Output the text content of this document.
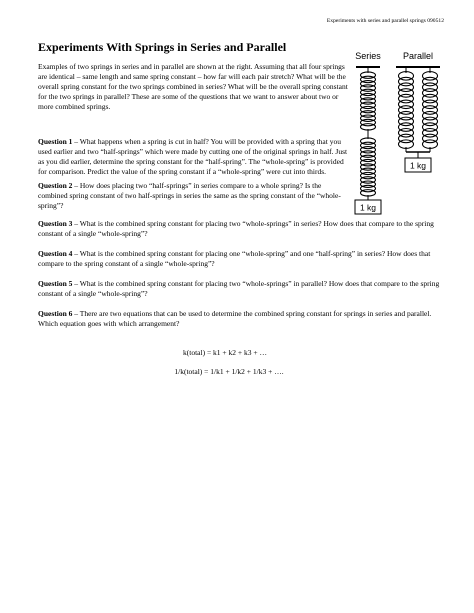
Experiments with series and parallel springs 090512
Experiments With Springs in Series and Parallel

Examples of two springs in series and in parallel are shown at the right. Assuming that all four springs are identical – same length and same spring constant – how far will each pair stretch? What will be the overall spring constant for the two springs combined in series? What will be the overall spring constant for the two springs in parallel? These are some of the questions that we want to answer about two or more combined springs.

Question 1 – What happens when a spring is cut in half? You will be provided with a spring that you used earlier and two “half-springs” which were made by cutting one of the original springs in half. Just as you did earlier, determine the spring constant for the “half-spring”. The “whole-spring” is provided for comparison. Predict the value of the spring constant if a “whole-spring” were cut into thirds.

Question 2 – How does placing two “half-springs” in series compare to a whole spring? Is the combined spring constant of two half-springs in series the same as the spring constant of the “whole-spring”?

Question 3 – What is the combined spring constant for placing two “whole-springs” in series? How does that compare to the spring constant of a single “whole-spring”?

Question 4 – What is the combined spring constant for placing one “whole-spring” and one “half-spring” in series? How does that compare to the spring constant of a single “whole-spring”?

Question 5 – What is the combined spring constant for placing two “whole-springs” in parallel? How does that compare to the spring constant of a single “whole-spring”?

Question 6 – There are two equations that can be used to determine the combined spring constant for springs in series and parallel. Which equation goes with which arrangement?

k(total) = k1 + k2 + k3 + …

1/k(total) = 1/k1 + 1/k2 + 1/k3 + ….

Series Parallel
1 kg
1 kg
